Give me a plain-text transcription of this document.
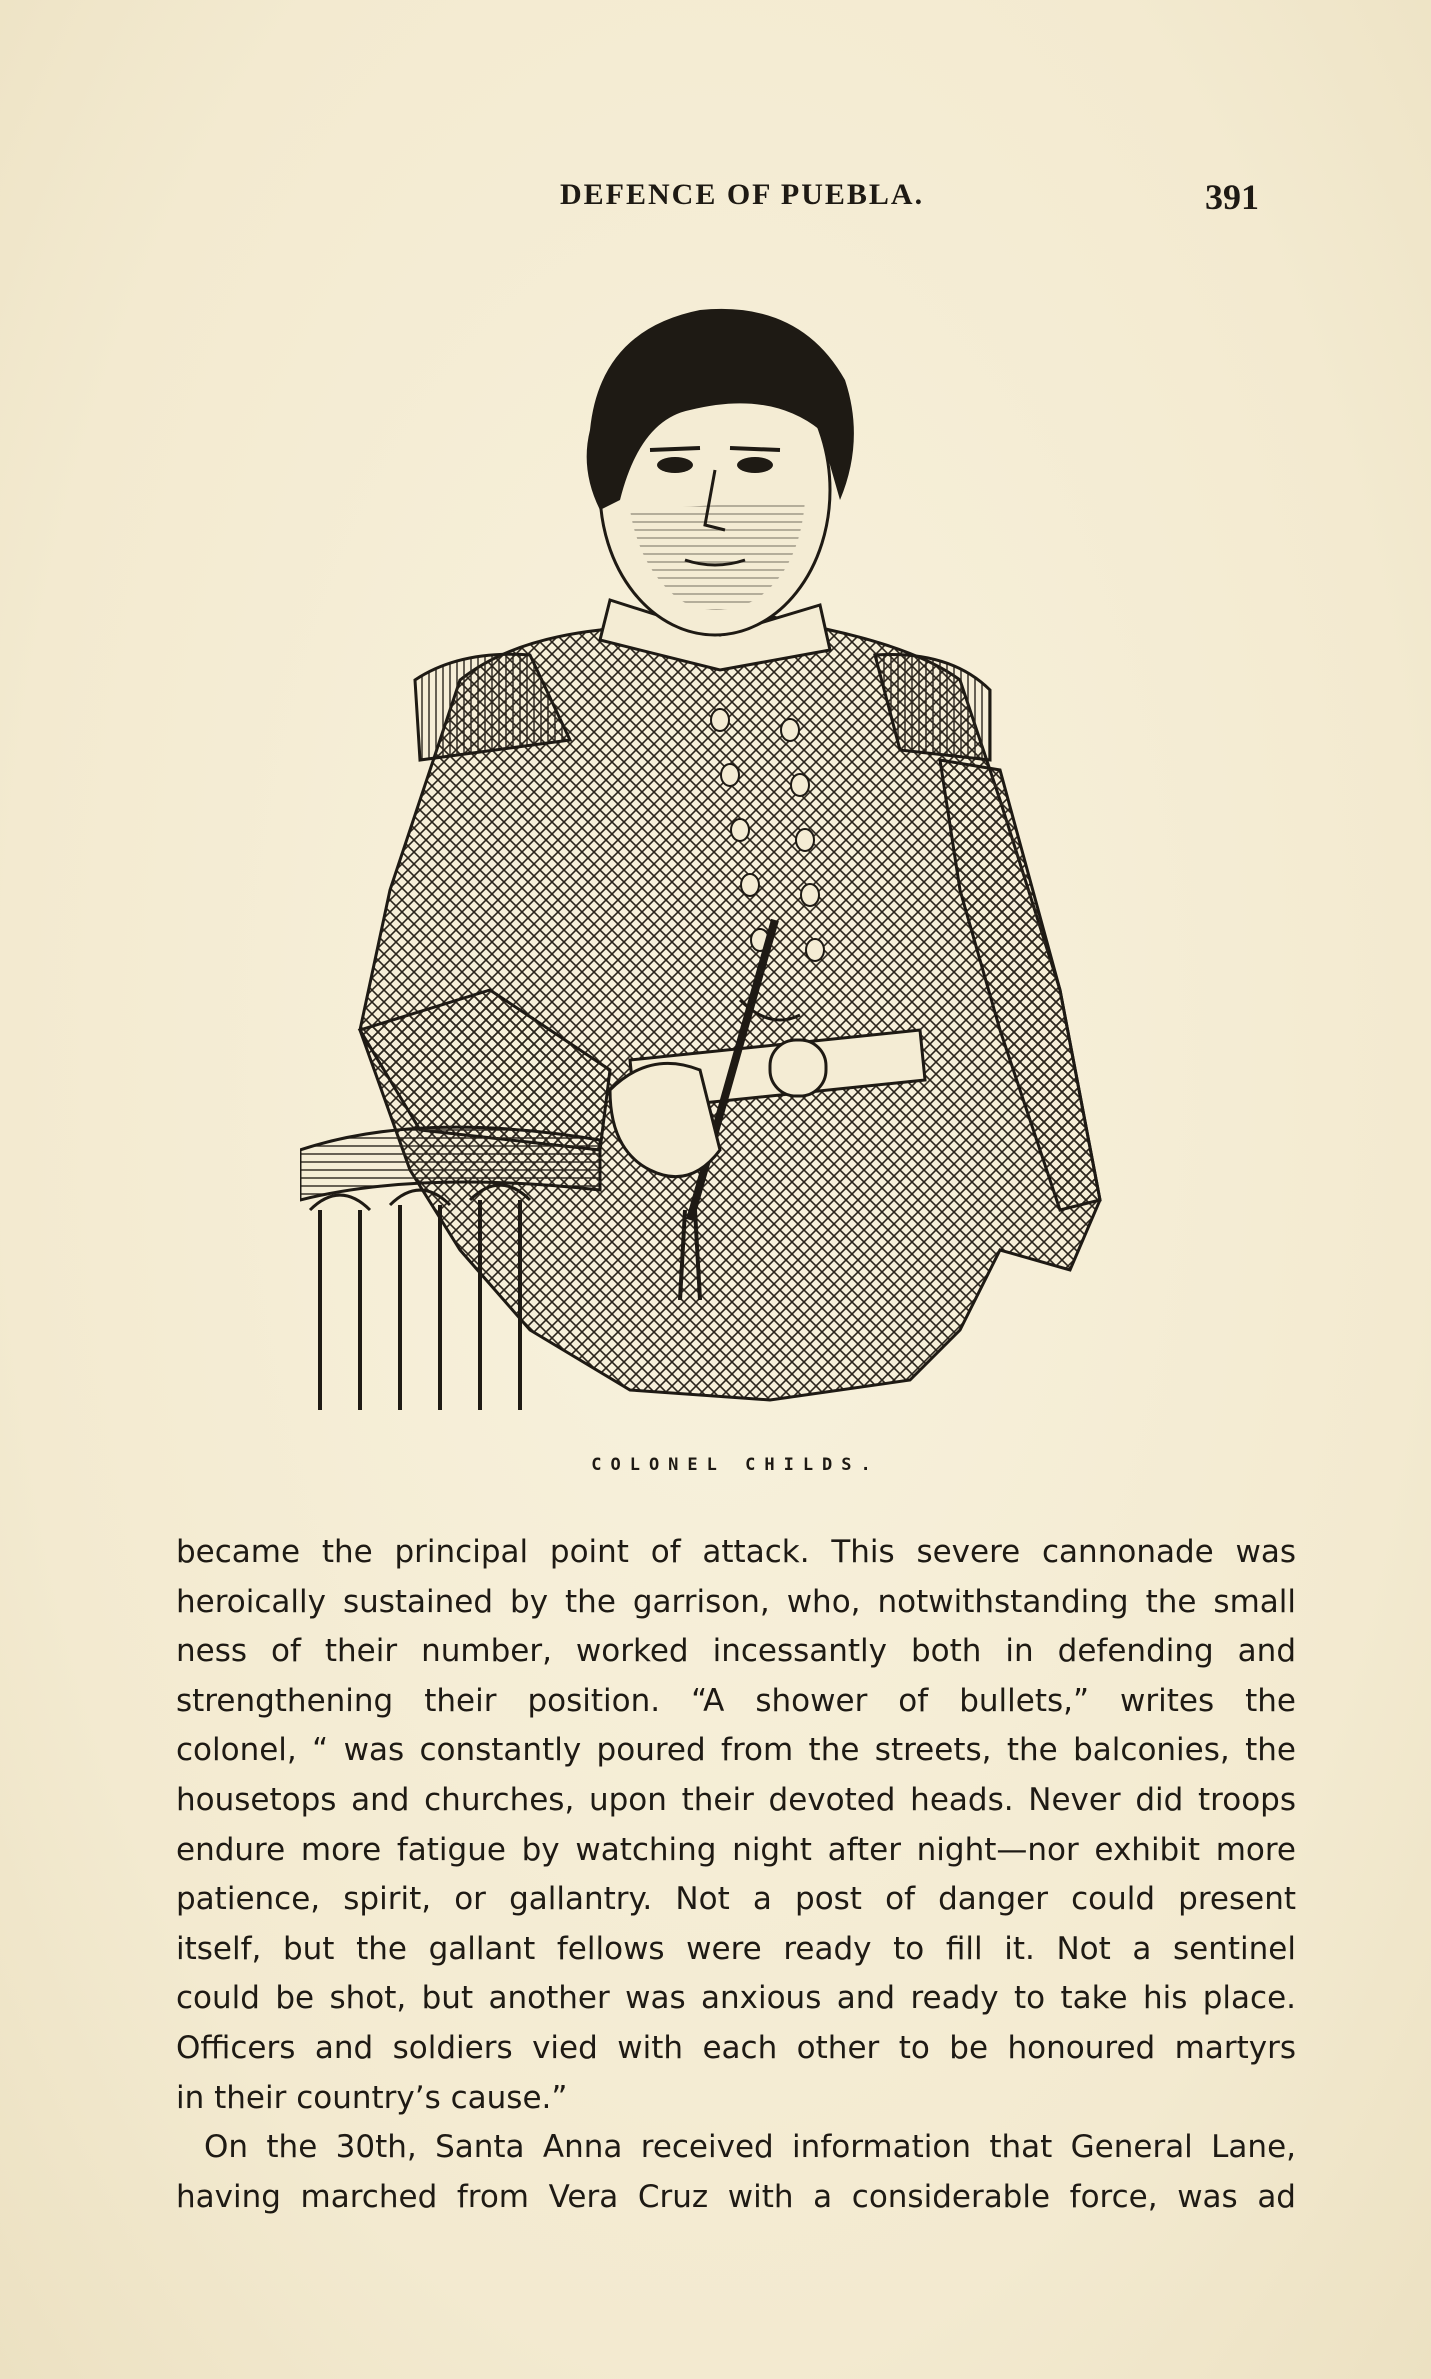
DEFENCE OF PUEBLA.	391
COLONEL CHILDS.
became the principal point of attack. This severe cannonade was
heroically sustained by the garrison, who, notwithstanding the small
ness of their number, worked incessantly both in defending and
strengthening their position. “A shower of bullets,” writes the
colonel, “ was constantly poured from the streets, the balconies, the
housetops and churches, upon their devoted heads. Never did troops
endure more fatigue by watching night after night—nor exhibit more
patience, spirit, or gallantry. Not a post of danger could present
itself, but the gallant fellows were ready to fill it. Not a sentinel
could be shot, but another was anxious and ready to take his place.
Officers and soldiers vied with each other to be honoured martyrs
in their country’s cause.”
On the 30th, Santa Anna received information that General Lane,
having marched from Vera Cruz with a considerable force, was ad
